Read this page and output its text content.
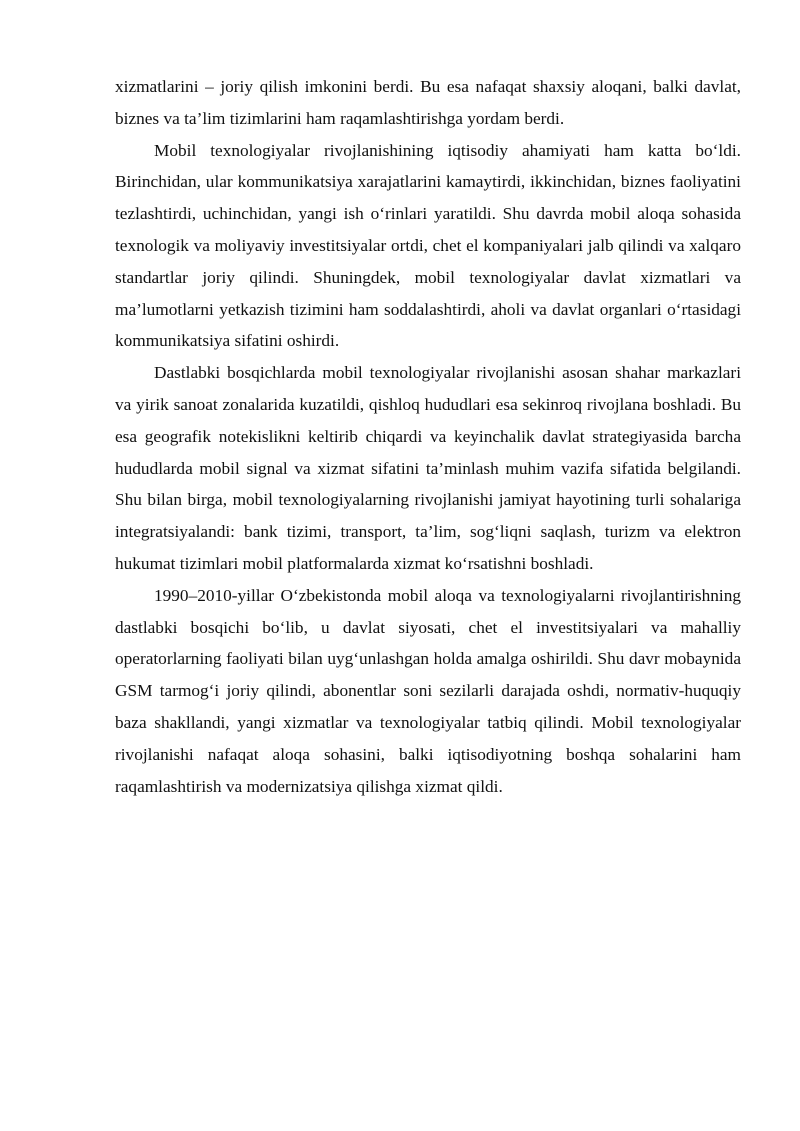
xizmatlarini – joriy qilish imkonini berdi. Bu esa nafaqat shaxsiy aloqani, balki davlat, biznes va ta’lim tizimlarini ham raqamlashtirishga yordam berdi.

Mobil texnologiyalar rivojlanishining iqtisodiy ahamiyati ham katta bo‘ldi. Birinchidan, ular kommunikatsiya xarajatlarini kamaytirdi, ikkinchidan, biznes faoliyatini tezlashtirdi, uchinchidan, yangi ish o‘rinlari yaratildi. Shu davrda mobil aloqa sohasida texnologik va moliyaviy investitsiyalar ortdi, chet el kompaniyalari jalb qilindi va xalqaro standartlar joriy qilindi. Shuningdek, mobil texnologiyalar davlat xizmatlari va ma’lumotlarni yetkazish tizimini ham soddalashtirdi, aholi va davlat organlari o‘rtasidagi kommunikatsiya sifatini oshirdi.

Dastlabki bosqichlarda mobil texnologiyalar rivojlanishi asosan shahar markazlari va yirik sanoat zonalarida kuzatildi, qishloq hududlari esa sekinroq rivojlana boshladi. Bu esa geografik notekislikni keltirib chiqardi va keyinchalik davlat strategiyasida barcha hududlarda mobil signal va xizmat sifatini ta’minlash muhim vazifa sifatida belgilandi. Shu bilan birga, mobil texnologiyalarning rivojlanishi jamiyat hayotining turli sohalariga integratsiyalandi: bank tizimi, transport, ta’lim, sog‘liqni saqlash, turizm va elektron hukumat tizimlari mobil platformalarda xizmat ko‘rsatishni boshladi.

1990–2010-yillar O‘zbekistonda mobil aloqa va texnologiyalarni rivojlantirishning dastlabki bosqichi bo‘lib, u davlat siyosati, chet el investitsiyalari va mahalliy operatorlarning faoliyati bilan uyg‘unlashgan holda amalga oshirildi. Shu davr mobaynida GSM tarmog‘i joriy qilindi, abonentlar soni sezilarli darajada oshdi, normativ-huquqiy baza shakllandi, yangi xizmatlar va texnologiyalar tatbiq qilindi. Mobil texnologiyalar rivojlanishi nafaqat aloqa sohasini, balki iqtisodiyotning boshqa sohalarini ham raqamlashtirish va modernizatsiya qilishga xizmat qildi.
